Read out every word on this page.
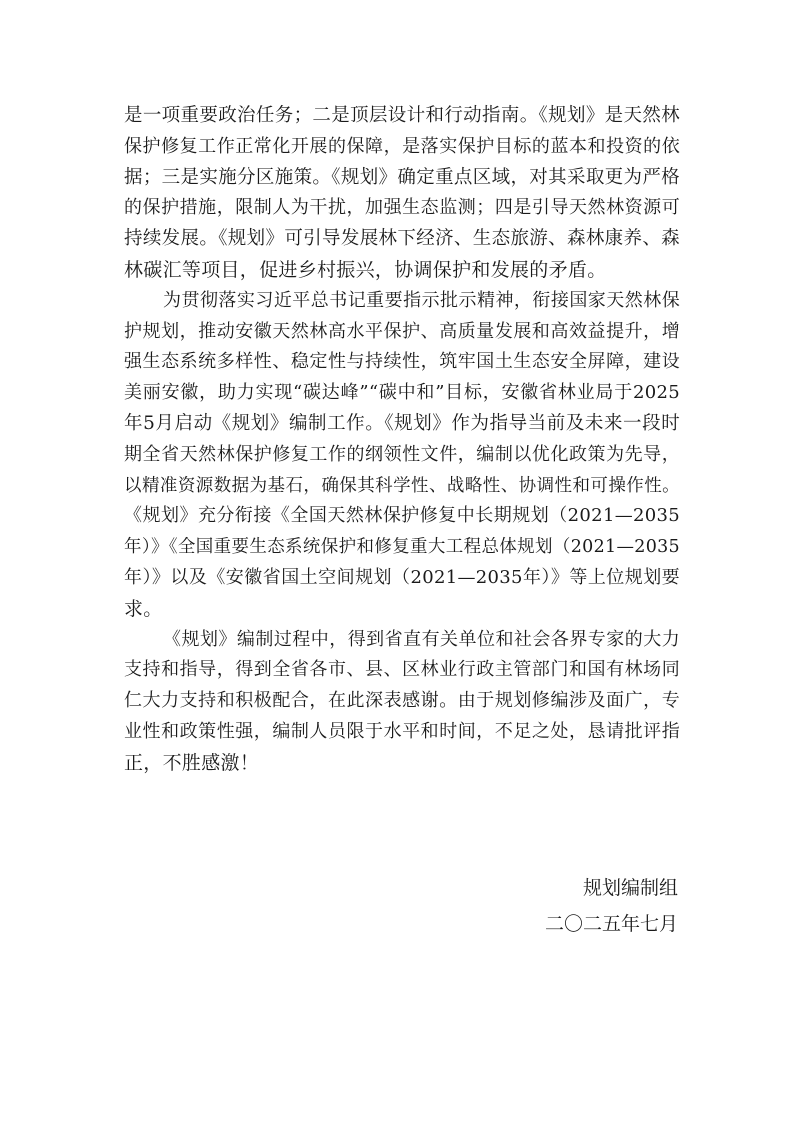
是一项重要政治任务；二是顶层设计和行动指南。《规划》是天然林
保护修复工作正常化开展的保障，是落实保护目标的蓝本和投资的依
据；三是实施分区施策。《规划》确定重点区域，对其采取更为严格
的保护措施，限制人为干扰，加强生态监测；四是引导天然林资源可
持续发展。《规划》可引导发展林下经济、生态旅游、森林康养、森
林碳汇等项目，促进乡村振兴，协调保护和发展的矛盾。
为贯彻落实习近平总书记重要指示批示精神，衔接国家天然林保
护规划，推动安徽天然林高水平保护、高质量发展和高效益提升，增
强生态系统多样性、稳定性与持续性，筑牢国土生态安全屏障，建设
美丽安徽，助力实现“碳达峰”“碳中和”目标，安徽省林业局于2025
年5月启动《规划》编制工作。《规划》作为指导当前及未来一段时
期全省天然林保护修复工作的纲领性文件，编制以优化政策为先导，
以精准资源数据为基石，确保其科学性、战略性、协调性和可操作性。
《规划》充分衔接《全国天然林保护修复中长期规划（2021—2035
年）》《全国重要生态系统保护和修复重大工程总体规划（2021—2035
年）》以及《安徽省国土空间规划（2021—2035年）》等上位规划要
求。
《规划》编制过程中，得到省直有关单位和社会各界专家的大力
支持和指导，得到全省各市、县、区林业行政主管部门和国有林场同
仁大力支持和积极配合，在此深表感谢。由于规划修编涉及面广，专
业性和政策性强，编制人员限于水平和时间，不足之处，恳请批评指
正，不胜感激！
规划编制组
二〇二五年七月
